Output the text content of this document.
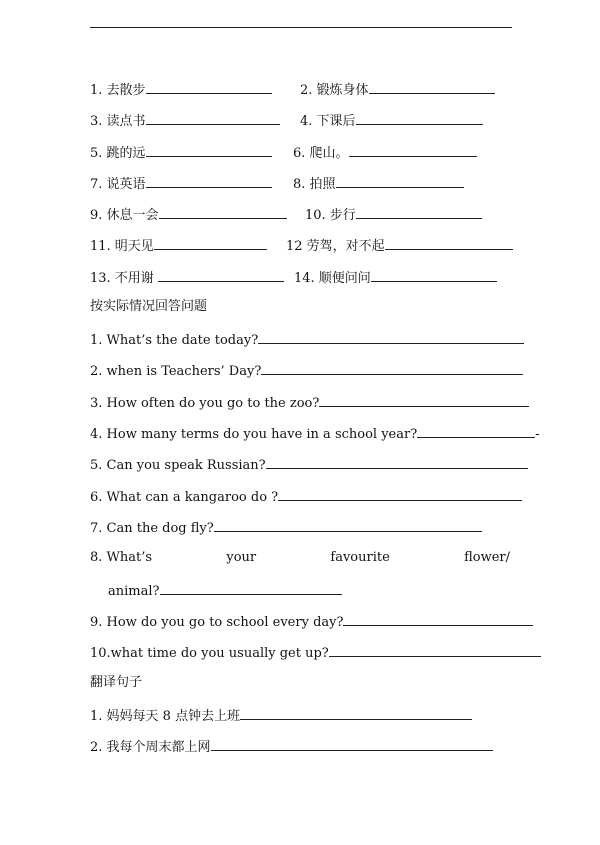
1. 去散步	2. 锻炼身体
3. 读点书	4. 下课后
5. 跳的远	6. 爬山。
7. 说英语	8. 拍照
9. 休息一会	10. 步行
11. 明天见	12 劳驾，对不起
13. 不用谢	14. 顺便问问
按实际情况回答问题
1. What’s the date today?
2. when is Teachers’ Day?
3. How often do you go to the zoo?
4. How many terms do you have in a school year?	-
5. Can you speak Russian?
6. What can a kangaroo do ?
7. Can the dog fly?
8. What’s	your	favourite	flower/
animal?
9. How do you go to school every day?
10.what time do you usually get up?
翻译句子
1. 妈妈每天 8 点钟去上班
2. 我每个周末都上网
